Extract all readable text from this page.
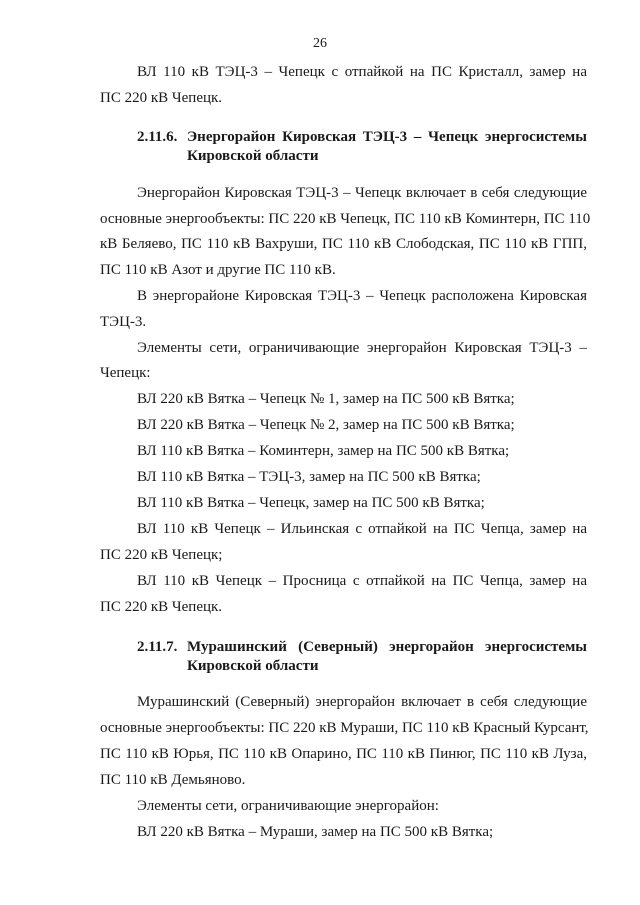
26

ВЛ 110 кВ ТЭЦ-3 – Чепецк с отпайкой на ПС Кристалл, замер на

ПС 220 кВ Чепецк.

2.11.6. Энергорайон Кировская ТЭЦ-3 – Чепецк энергосистемы

Кировской области

Энергорайон Кировская ТЭЦ-3 – Чепецк включает в себя следующие

основные энергообъекты: ПС 220 кВ Чепецк, ПС 110 кВ Коминтерн, ПС 110

кВ Беляево, ПС 110 кВ Вахруши, ПС 110 кВ Слободская, ПС 110 кВ ГПП,

ПС 110 кВ Азот и другие ПС 110 кВ.

В энергорайоне Кировская ТЭЦ-3 – Чепецк расположена Кировская

ТЭЦ-3.

Элементы сети, ограничивающие энергорайон Кировская ТЭЦ-3 –

Чепецк:

ВЛ 220 кВ Вятка – Чепецк № 1, замер на ПС 500 кВ Вятка;

ВЛ 220 кВ Вятка – Чепецк № 2, замер на ПС 500 кВ Вятка;

ВЛ 110 кВ Вятка – Коминтерн, замер на ПС 500 кВ Вятка;

ВЛ 110 кВ Вятка – ТЭЦ-3, замер на ПС 500 кВ Вятка;

ВЛ 110 кВ Вятка – Чепецк, замер на ПС 500 кВ Вятка;

ВЛ 110 кВ Чепецк – Ильинская с отпайкой на ПС Чепца, замер на

ПС 220 кВ Чепецк;

ВЛ 110 кВ Чепецк – Просница с отпайкой на ПС Чепца, замер на

ПС 220 кВ Чепецк.

2.11.7. Мурашинский (Северный) энергорайон энергосистемы

Кировской области

Мурашинский (Северный) энергорайон включает в себя следующие

основные энергообъекты: ПС 220 кВ Мураши, ПС 110 кВ Красный Курсант,

ПС 110 кВ Юрья, ПС 110 кВ Опарино, ПС 110 кВ Пинюг, ПС 110 кВ Луза,

ПС 110 кВ Демьяново.

Элементы сети, ограничивающие энергорайон:

ВЛ 220 кВ Вятка – Мураши, замер на ПС 500 кВ Вятка;
